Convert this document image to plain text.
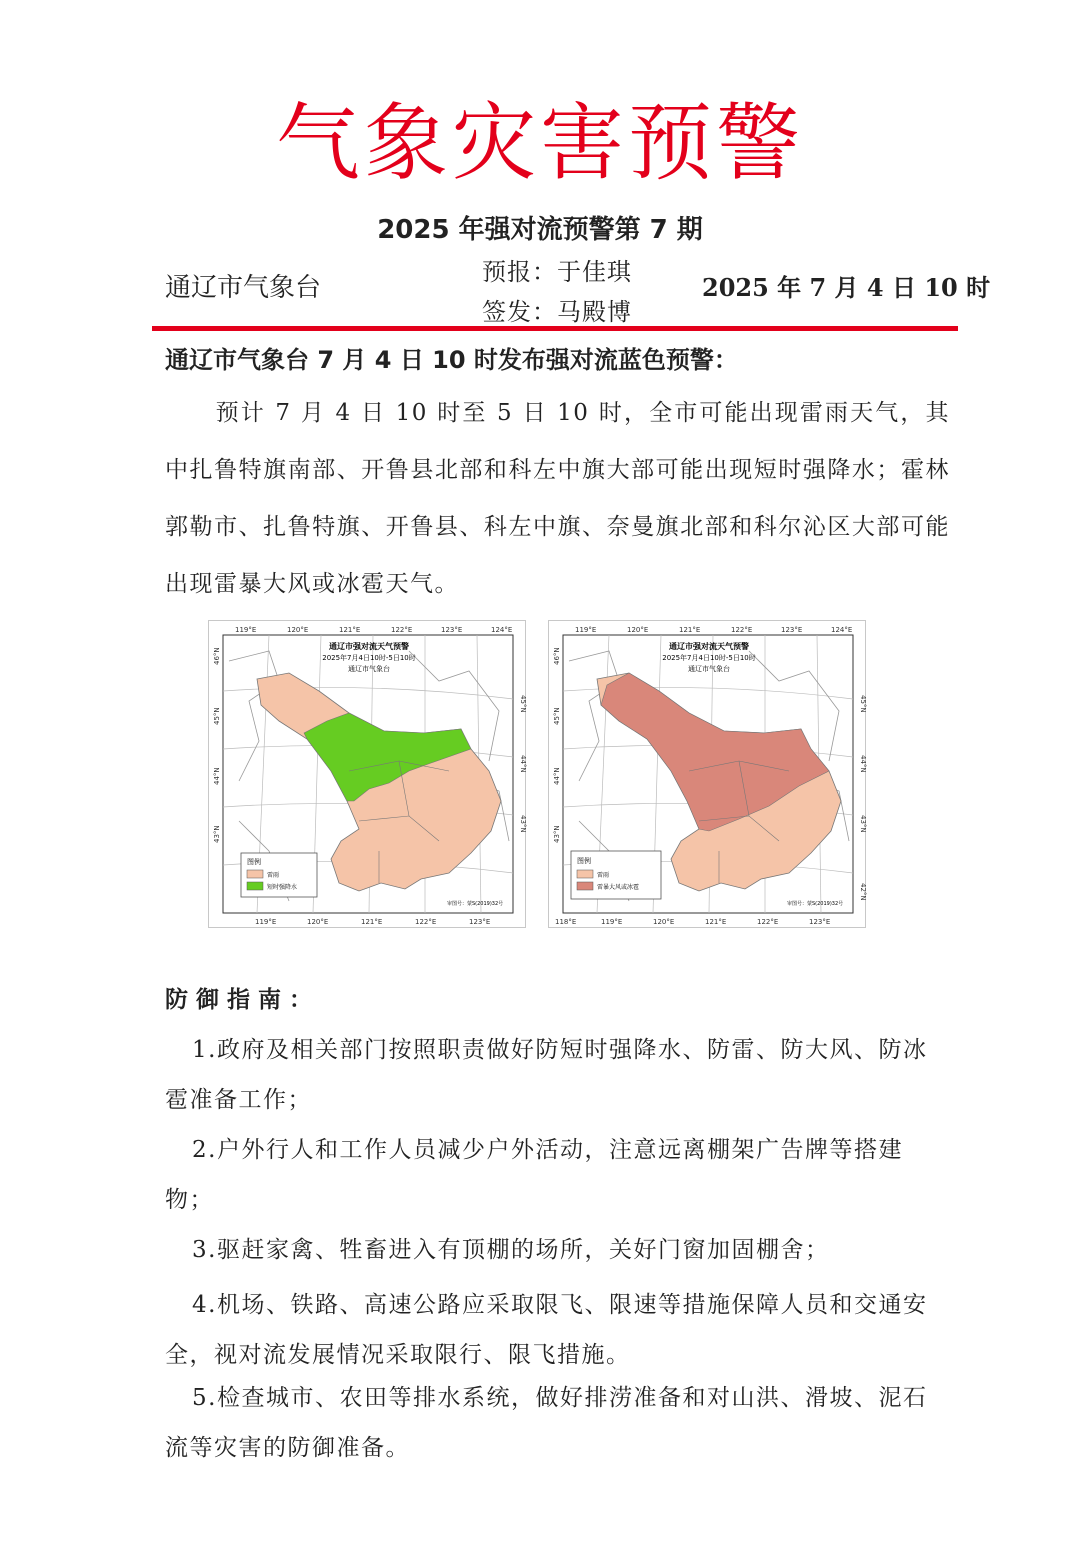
气象灾害预警
2025 年强对流预警第 7 期
通辽市气象台
预报：于佳琪
签发：马殿博
2025 年 7 月 4 日 10 时
通辽市气象台 7 月 4 日 10 时发布强对流蓝色预警：
预计 7 月 4 日 10 时至 5 日 10 时，全市可能出现雷雨天气，其中扎鲁特旗南部、开鲁县北部和科左中旗大部可能出现短时强降水；霍林郭勒市、扎鲁特旗、开鲁县、科左中旗、奈曼旗北部和科尔沁区大部可能出现雷暴大风或冰雹天气。
通辽市强对流天气预警
2025年7月4日10时-5日10时
通辽市气象台
119°E	120°E	121°E	122°E	123°E	124°E
119°E	120°E	121°E	122°E	123°E
46°N
45°N
44°N
43°N
45°N
44°N
43°N
图例
雷雨
短时强降水
审图号：蒙S(2019)32号
通辽市强对流天气预警
2025年7月4日10时-5日10时
通辽市气象台
119°E	120°E	121°E	122°E	123°E	124°E
118°E	119°E	120°E	121°E	122°E	123°E
46°N
45°N
44°N
43°N
45°N
44°N
43°N
42°N
图例
雷雨
雷暴大风或冰雹
审图号：蒙S(2019)32号
防御指南：
1.政府及相关部门按照职责做好防短时强降水、防雷、防大风、防冰雹准备工作；
2.户外行人和工作人员减少户外活动，注意远离棚架广告牌等搭建物；
3.驱赶家禽、牲畜进入有顶棚的场所，关好门窗加固棚舍；
4.机场、铁路、高速公路应采取限飞、限速等措施保障人员和交通安全，视对流发展情况采取限行、限飞措施。
5.检查城市、农田等排水系统，做好排涝准备和对山洪、滑坡、泥石流等灾害的防御准备。
